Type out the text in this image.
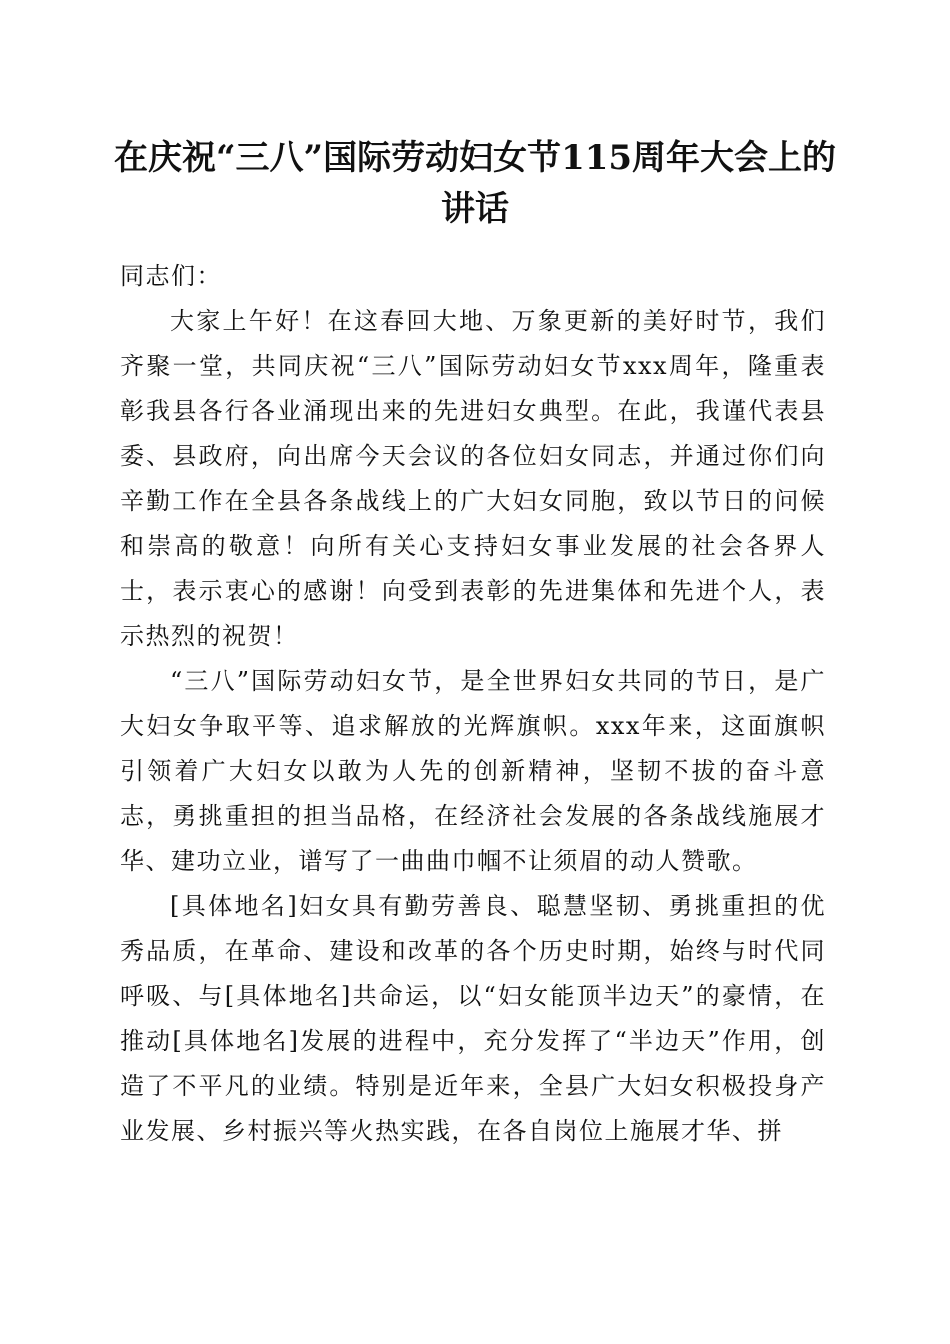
在庆祝“三八”国际劳动妇女节115周年大会上的讲话

同志们：

大家上午好！在这春回大地、万象更新的美好时节，我们齐聚一堂，共同庆祝“三八”国际劳动妇女节xxx周年，隆重表彰我县各行各业涌现出来的先进妇女典型。在此，我谨代表县委、县政府，向出席今天会议的各位妇女同志，并通过你们向辛勤工作在全县各条战线上的广大妇女同胞，致以节日的问候和崇高的敬意！向所有关心支持妇女事业发展的社会各界人士，表示衷心的感谢！向受到表彰的先进集体和先进个人，表示热烈的祝贺！

“三八”国际劳动妇女节，是全世界妇女共同的节日，是广大妇女争取平等、追求解放的光辉旗帜。xxx年来，这面旗帜引领着广大妇女以敢为人先的创新精神，坚韧不拔的奋斗意志，勇挑重担的担当品格，在经济社会发展的各条战线施展才华、建功立业，谱写了一曲曲巾帼不让须眉的动人赞歌。

[具体地名]妇女具有勤劳善良、聪慧坚韧、勇挑重担的优秀品质，在革命、建设和改革的各个历史时期，始终与时代同呼吸、与[具体地名]共命运，以“妇女能顶半边天”的豪情，在推动[具体地名]发展的进程中，充分发挥了“半边天”作用，创造了不平凡的业绩。特别是近年来，全县广大妇女积极投身产业发展、乡村振兴等火热实践，在各自岗位上施展才华、拼
